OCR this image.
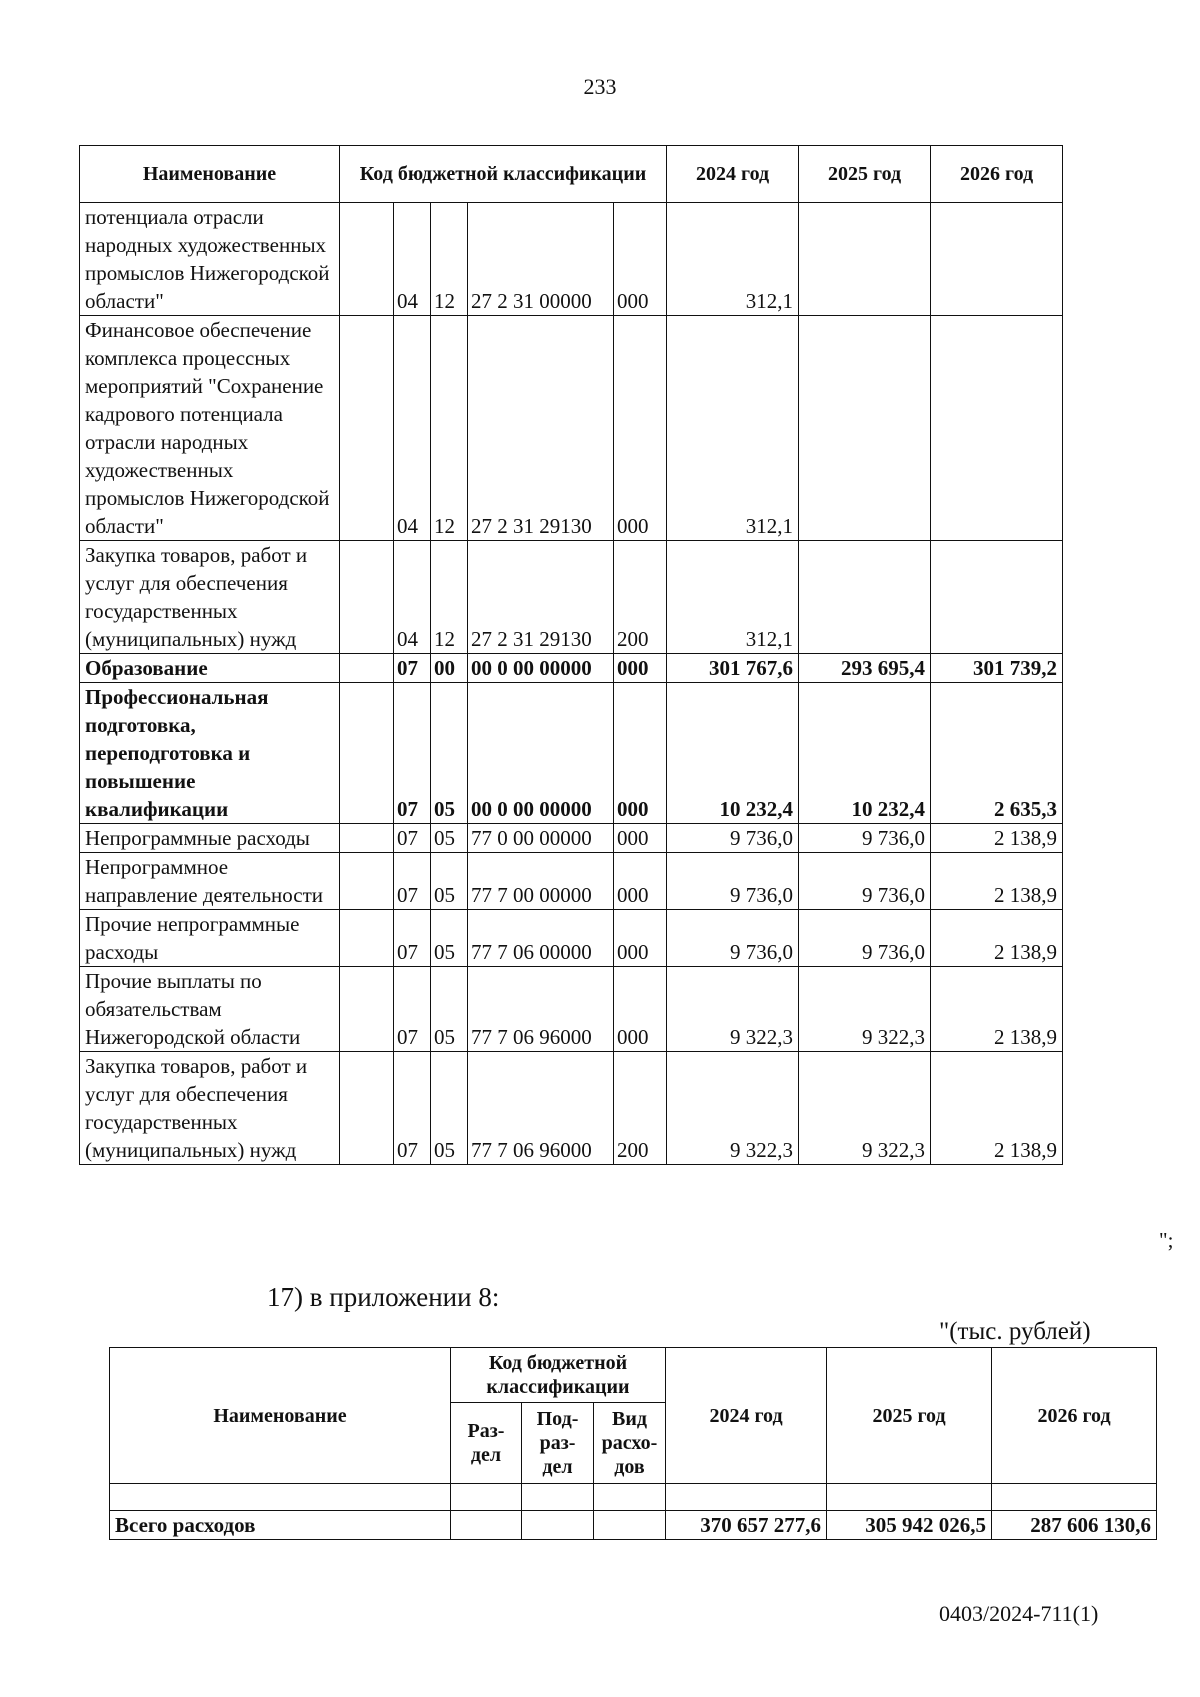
233
Наименование	Код бюджетной классификации					2024 год	2025 год	2026 год
потенциала отрасли народных художественных промыслов Нижегородской области"		04	12	27 2 31 00000	000	312,1		
Финансовое обеспечение комплекса процессных мероприятий "Сохранение кадрового потенциала отрасли народных художественных промыслов Нижегородской области"		04	12	27 2 31 29130	000	312,1		
Закупка товаров, работ и услуг для обеспечения государственных (муниципальных) нужд		04	12	27 2 31 29130	200	312,1		
Образование		07	00	00 0 00 00000	000	301 767,6	293 695,4	301 739,2
Профессиональная подготовка, переподготовка и повышение квалификации		07	05	00 0 00 00000	000	10 232,4	10 232,4	2 635,3
Непрограммные расходы		07	05	77 0 00 00000	000	9 736,0	9 736,0	2 138,9
Непрограммное направление деятельности		07	05	77 7 00 00000	000	9 736,0	9 736,0	2 138,9
Прочие непрограммные расходы		07	05	77 7 06 00000	000	9 736,0	9 736,0	2 138,9
Прочие выплаты по обязательствам Нижегородской области		07	05	77 7 06 96000	000	9 322,3	9 322,3	2 138,9
Закупка товаров, работ и услуг для обеспечения государственных (муниципальных) нужд		07	05	77 7 06 96000	200	9 322,3	9 322,3	2 138,9
";
17) в приложении 8:
"(тыс. рублей)
Наименование	Код бюджетной классификации			2024 год	2025 год	2026 год
	Раз- дел	Под- раз- дел	Вид расхо- дов			

Всего расходов				370 657 277,6	305 942 026,5	287 606 130,6
0403/2024-711(1)
